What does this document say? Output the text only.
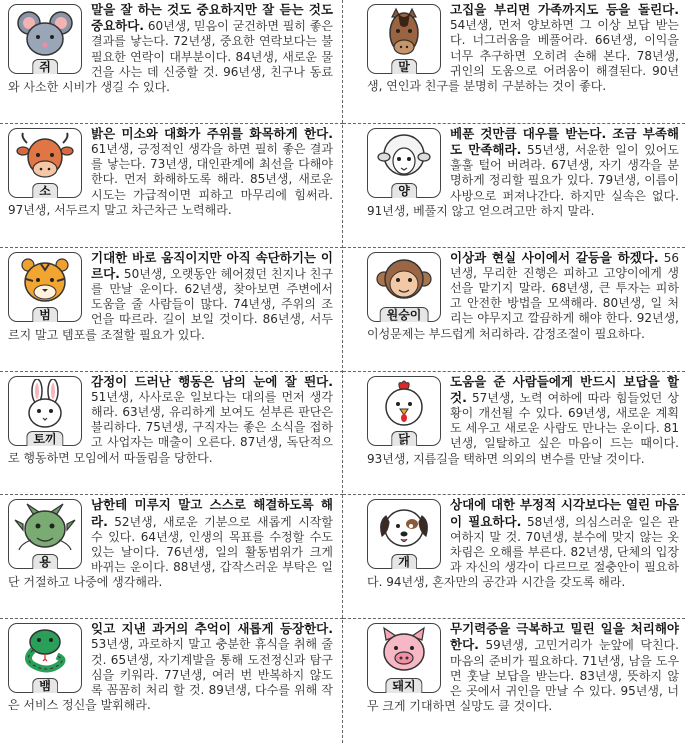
쥐

말을 잘 하는 것도 중요하지만 잘 듣는 것도 중요하다. 60년생, 믿음이 굳건하면 필히 좋은 결과를 낳는다. 72년생, 중요한 연락보다는 불필요한 연락이 대부분이다. 84년생, 새로운 물건을 사는 데 신중할 것. 96년생, 친구나 동료와 사소한 시비가 생길 수 있다.

말

고집을 부리면 가족까지도 등을 돌린다. 54년생, 먼저 양보하면 그 이상 보답 받는다. 너그러움을 베풀어라. 66년생, 이익을 너무 추구하면 오히려 손해 본다. 78년생, 귀인의 도움으로 어려움이 해결된다. 90년생, 연인과 친구를 분명히 구분하는 것이 좋다.

소

밝은 미소와 대화가 주위를 화목하게 한다. 61년생, 긍정적인 생각을 하면 필히 좋은 결과를 낳는다. 73년생, 대인관계에 최선을 다해야 한다. 먼저 화해하도록 해라. 85년생, 새로운 시도는 가급적이면 피하고 마무리에 힘써라. 97년생, 서두르지 말고 차근차근 노력해라.

양

베푼 것만큼 대우를 받는다. 조금 부족해도 만족해라. 55년생, 서운한 일이 있어도 훌훌 털어 버려라. 67년생, 자기 생각을 분명하게 정리할 필요가 있다. 79년생, 이름이 사방으로 퍼져나간다. 하지만 실속은 없다. 91년생, 베풀지 않고 얻으려고만 하지 말라.

범

기대한 바로 움직이지만 아직 속단하기는 이르다. 50년생, 오랫동안 헤어졌던 친지나 친구를 만날 운이다. 62년생, 찾아보면 주변에서 도움을 줄 사람들이 많다. 74년생, 주위의 조언을 따르라. 길이 보일 것이다. 86년생, 서두르지 말고 템포를 조절할 필요가 있다.

원숭이

이상과 현실 사이에서 갈등을 하겠다. 56년생, 무리한 진행은 피하고 고양이에게 생선을 맡기지 말라. 68년생, 큰 투자는 피하고 안전한 방법을 모색해라. 80년생, 일 처리는 야무지고 깔끔하게 해야 한다. 92년생, 이성문제는 부드럽게 처리하라. 감정조절이 필요하다.

토끼

감정이 드러난 행동은 남의 눈에 잘 띈다. 51년생, 사사로운 일보다는 대의를 먼저 생각해라. 63년생, 유리하게 보여도 섣부른 판단은 불리하다. 75년생, 구직자는 좋은 소식을 접하고 사업자는 매출이 오른다. 87년생, 독단적으로 행동하면 모임에서 따돌림을 당한다.

닭

도움을 준 사람들에게 반드시 보답을 할 것. 57년생, 노력 여하에 따라 힘들었던 상황이 개선될 수 있다. 69년생, 새로운 계획도 세우고 새로운 사람도 만나는 운이다. 81년생, 일탈하고 싶은 마음이 드는 때이다. 93년생, 지름길을 택하면 의외의 변수를 만날 것이다.

용

남한테 미루지 말고 스스로 해결하도록 해라. 52년생, 새로운 기분으로 새롭게 시작할 수 있다. 64년생, 인생의 목표를 수정할 수도 있는 날이다. 76년생, 일의 활동범위가 크게 바뀌는 운이다. 88년생, 갑작스러운 부탁은 일단 거절하고 나중에 생각해라.

개

상대에 대한 부정적 시각보다는 열린 마음이 필요하다. 58년생, 의심스러운 일은 관여하지 말 것. 70년생, 분수에 맞지 않는 옷차림은 오해를 부른다. 82년생, 단체의 입장과 자신의 생각이 다르므로 절충안이 필요하다. 94년생, 혼자만의 공간과 시간을 갖도록 해라.

뱀

잊고 지낸 과거의 추억이 새롭게 등장한다. 53년생, 과로하지 말고 충분한 휴식을 취해 줄 것. 65년생, 자기계발을 통해 도전정신과 탐구심을 키워라. 77년생, 여러 번 반복하지 않도록 꼼꼼히 처리 할 것. 89년생, 다수를 위해 작은 서비스 정신을 발휘해라.

돼지

무기력증을 극복하고 밀린 일을 처리해야 한다. 59년생, 고민거리가 눈앞에 닥친다. 마음의 준비가 필요하다. 71년생, 남을 도우면 훗날 보답을 받는다. 83년생, 뜻하지 않은 곳에서 귀인을 만날 수 있다. 95년생, 너무 크게 기대하면 실망도 클 것이다.
